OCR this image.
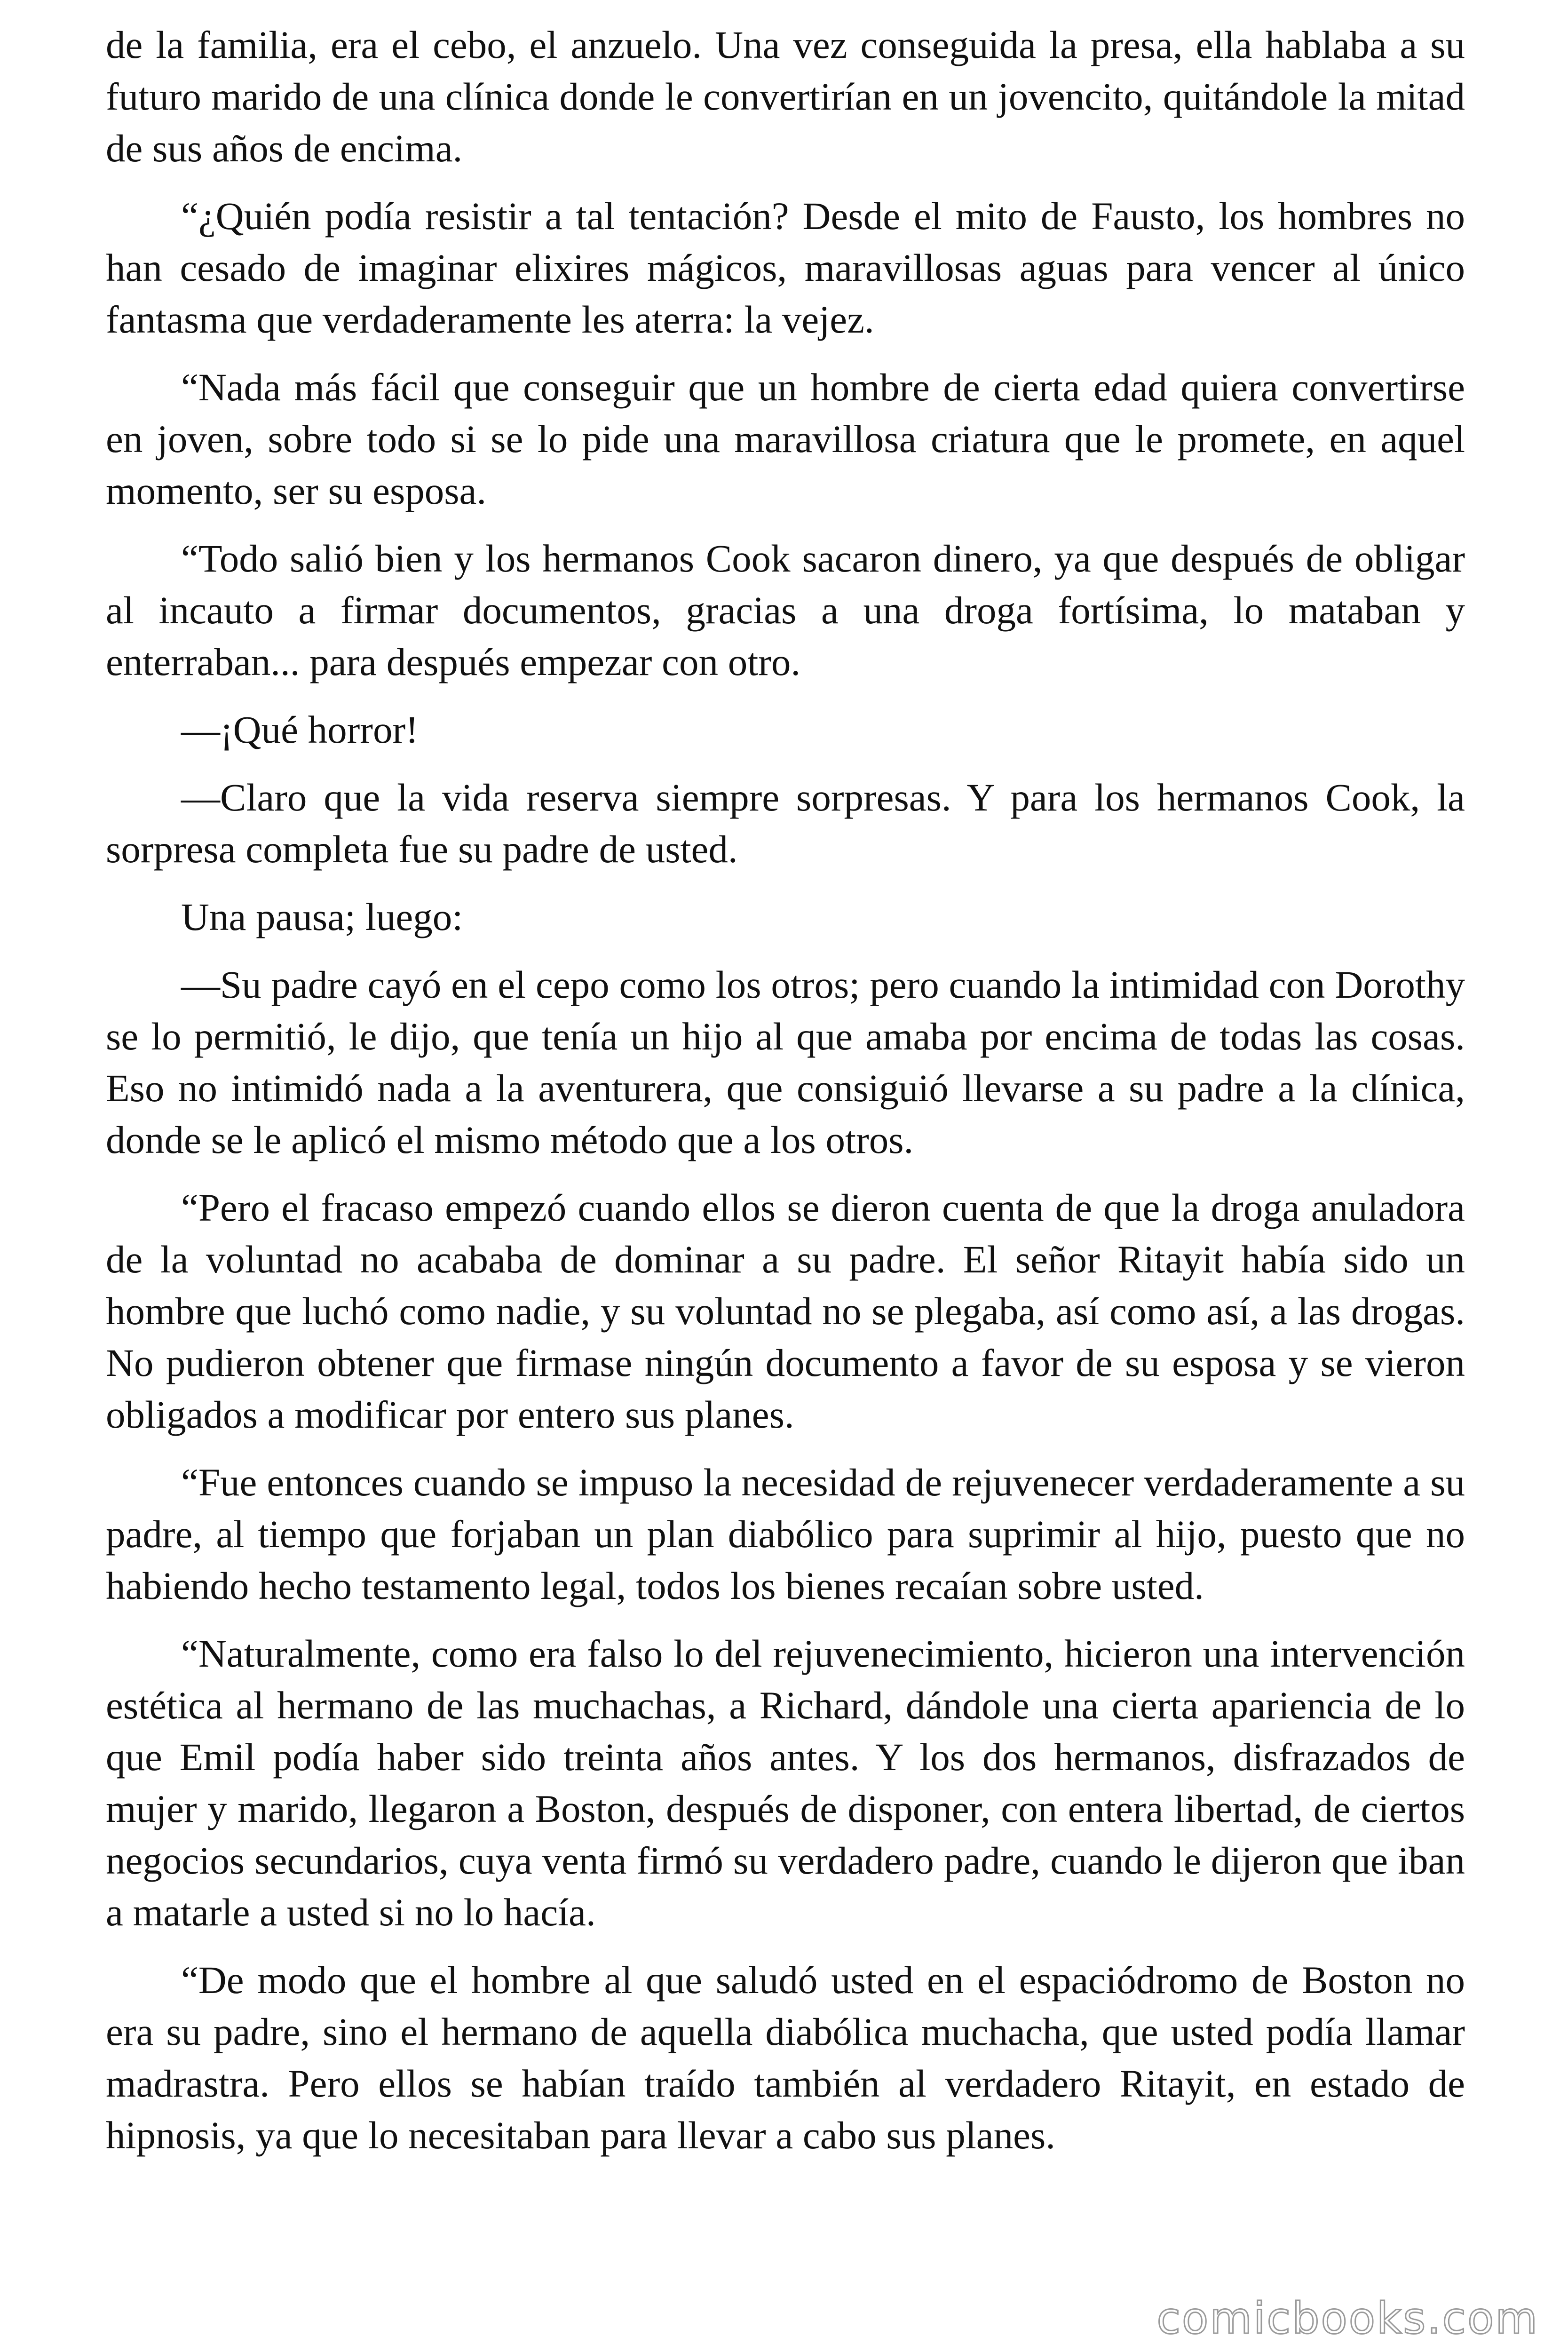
de la familia, era el cebo, el anzuelo. Una vez conseguida la presa, ella hablaba a su futuro marido de una clínica donde le convertirían en un jovencito, quitándole la mitad de sus años de encima.

“¿Quién podía resistir a tal tentación? Desde el mito de Fausto, los hombres no han cesado de imaginar elixires mágicos, maravillosas aguas para vencer al único fantasma que verdaderamente les aterra: la vejez.

“Nada más fácil que conseguir que un hombre de cierta edad quiera convertirse en joven, sobre todo si se lo pide una maravillosa criatura que le promete, en aquel momento, ser su esposa.

“Todo salió bien y los hermanos Cook sacaron dinero, ya que después de obligar al incauto a firmar documentos, gracias a una droga fortísima, lo mataban y enterraban... para después empezar con otro.

—¡Qué horror!

—Claro que la vida reserva siempre sorpresas. Y para los hermanos Cook, la sorpresa completa fue su padre de usted.

Una pausa; luego:

—Su padre cayó en el cepo como los otros; pero cuando la intimidad con Dorothy se lo permitió, le dijo, que tenía un hijo al que amaba por encima de todas las cosas. Eso no intimidó nada a la aventurera, que consiguió llevarse a su padre a la clínica, donde se le aplicó el mismo método que a los otros.

“Pero el fracaso empezó cuando ellos se dieron cuenta de que la droga anuladora de la voluntad no acababa de dominar a su padre. El señor Ritayit había sido un hombre que luchó como nadie, y su voluntad no se plegaba, así como así, a las drogas. No pudieron obtener que firmase ningún documento a favor de su esposa y se vieron obligados a modificar por entero sus planes.

“Fue entonces cuando se impuso la necesidad de rejuvenecer verdaderamente a su padre, al tiempo que forjaban un plan diabólico para suprimir al hijo, puesto que no habiendo hecho testamento legal, todos los bienes recaían sobre usted.

“Naturalmente, como era falso lo del rejuvenecimiento, hicieron una intervención estética al hermano de las muchachas, a Richard, dándole una cierta apariencia de lo que Emil podía haber sido treinta años antes. Y los dos hermanos, disfrazados de mujer y marido, llegaron a Boston, después de disponer, con entera libertad, de ciertos negocios secundarios, cuya venta firmó su verdadero padre, cuando le dijeron que iban a matarle a usted si no lo hacía.

“De modo que el hombre al que saludó usted en el espaciódromo de Boston no era su padre, sino el hermano de aquella diabólica muchacha, que usted podía llamar madrastra. Pero ellos se habían traído también al verdadero Ritayit, en estado de hipnosis, ya que lo necesitaban para llevar a cabo sus planes.

comicbooks.com
